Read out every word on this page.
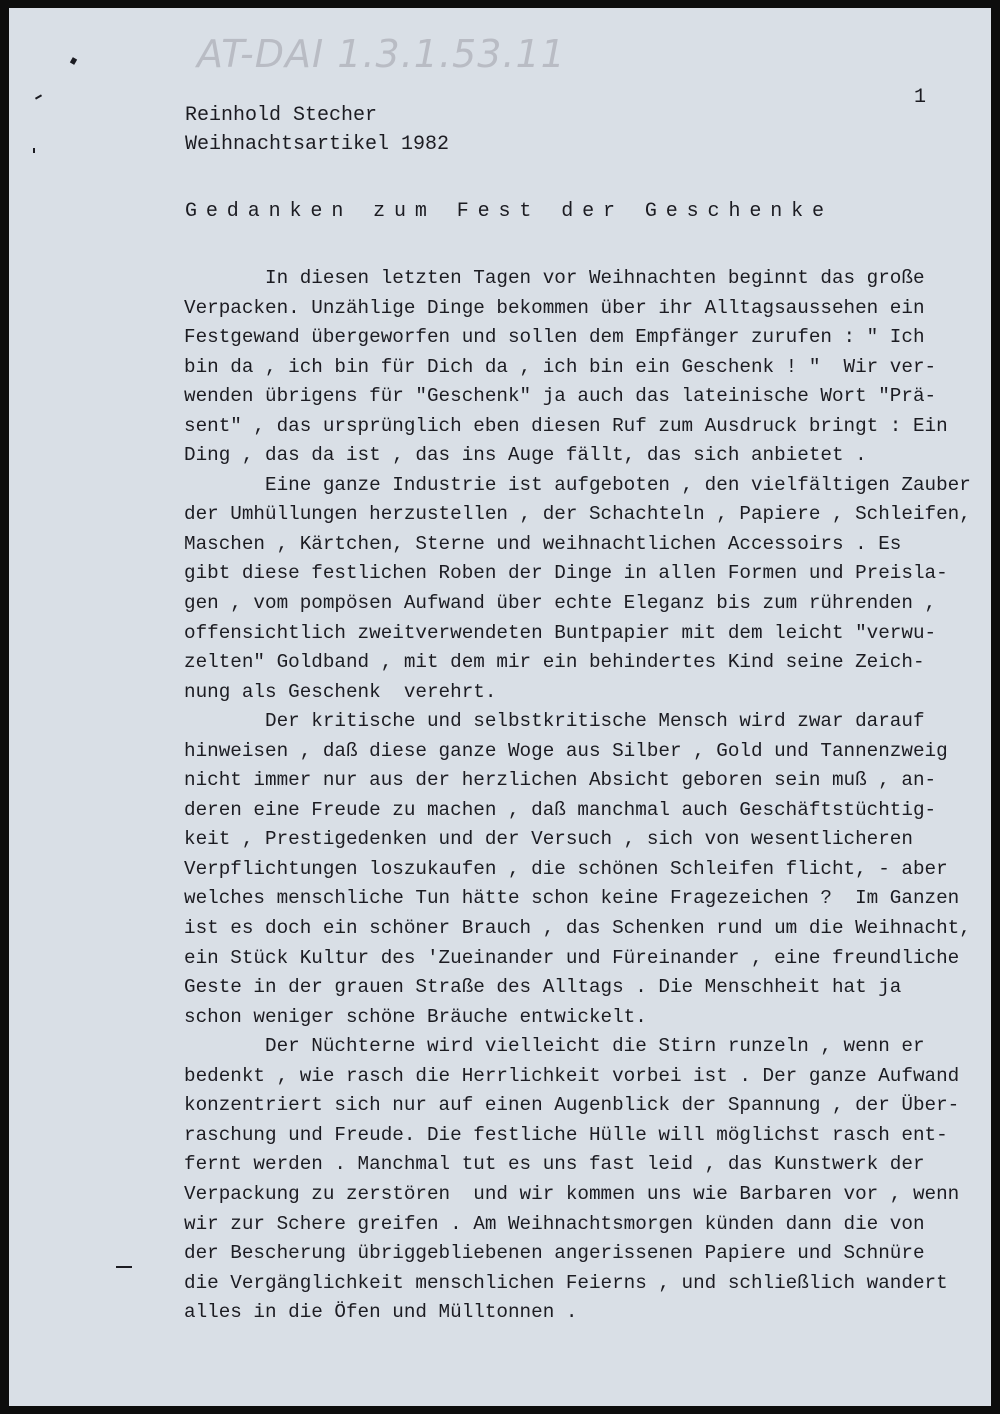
AT-DAI 1.3.1.53.11
1
Reinhold Stecher
Weihnachtsartikel 1982
Gedanken zum Fest der Geschenke
In diesen letzten Tagen vor Weihnachten beginnt das große
Verpacken. Unzählige Dinge bekommen über ihr Alltagsaussehen ein
Festgewand übergeworfen und sollen dem Empfänger zurufen : " Ich
bin da , ich bin für Dich da , ich bin ein Geschenk ! "  Wir ver-
wenden übrigens für "Geschenk" ja auch das lateinische Wort "Prä-
sent" , das ursprünglich eben diesen Ruf zum Ausdruck bringt : Ein
Ding , das da ist , das ins Auge fällt, das sich anbietet .
Eine ganze Industrie ist aufgeboten , den vielfältigen Zauber
der Umhüllungen herzustellen , der Schachteln , Papiere , Schleifen,
Maschen , Kärtchen, Sterne und weihnachtlichen Accessoirs . Es
gibt diese festlichen Roben der Dinge in allen Formen und Preisla-
gen , vom pompösen Aufwand über echte Eleganz bis zum rührenden ,
offensichtlich zweitverwendeten Buntpapier mit dem leicht "verwu-
zelten" Goldband , mit dem mir ein behindertes Kind seine Zeich-
nung als Geschenk  verehrt.
Der kritische und selbstkritische Mensch wird zwar darauf
hinweisen , daß diese ganze Woge aus Silber , Gold und Tannenzweig
nicht immer nur aus der herzlichen Absicht geboren sein muß , an-
deren eine Freude zu machen , daß manchmal auch Geschäftstüchtig-
keit , Prestigedenken und der Versuch , sich von wesentlicheren
Verpflichtungen loszukaufen , die schönen Schleifen flicht, - aber
welches menschliche Tun hätte schon keine Fragezeichen ?  Im Ganzen
ist es doch ein schöner Brauch , das Schenken rund um die Weihnacht,
ein Stück Kultur des 'Zueinander und Füreinander , eine freundliche
Geste in der grauen Straße des Alltags . Die Menschheit hat ja
schon weniger schöne Bräuche entwickelt.
Der Nüchterne wird vielleicht die Stirn runzeln , wenn er
bedenkt , wie rasch die Herrlichkeit vorbei ist . Der ganze Aufwand
konzentriert sich nur auf einen Augenblick der Spannung , der Über-
raschung und Freude. Die festliche Hülle will möglichst rasch ent-
fernt werden . Manchmal tut es uns fast leid , das Kunstwerk der
Verpackung zu zerstören  und wir kommen uns wie Barbaren vor , wenn
wir zur Schere greifen . Am Weihnachtsmorgen künden dann die von
der Bescherung übriggebliebenen angerissenen Papiere und Schnüre
die Vergänglichkeit menschlichen Feierns , und schließlich wandert
alles in die Öfen und Mülltonnen .
